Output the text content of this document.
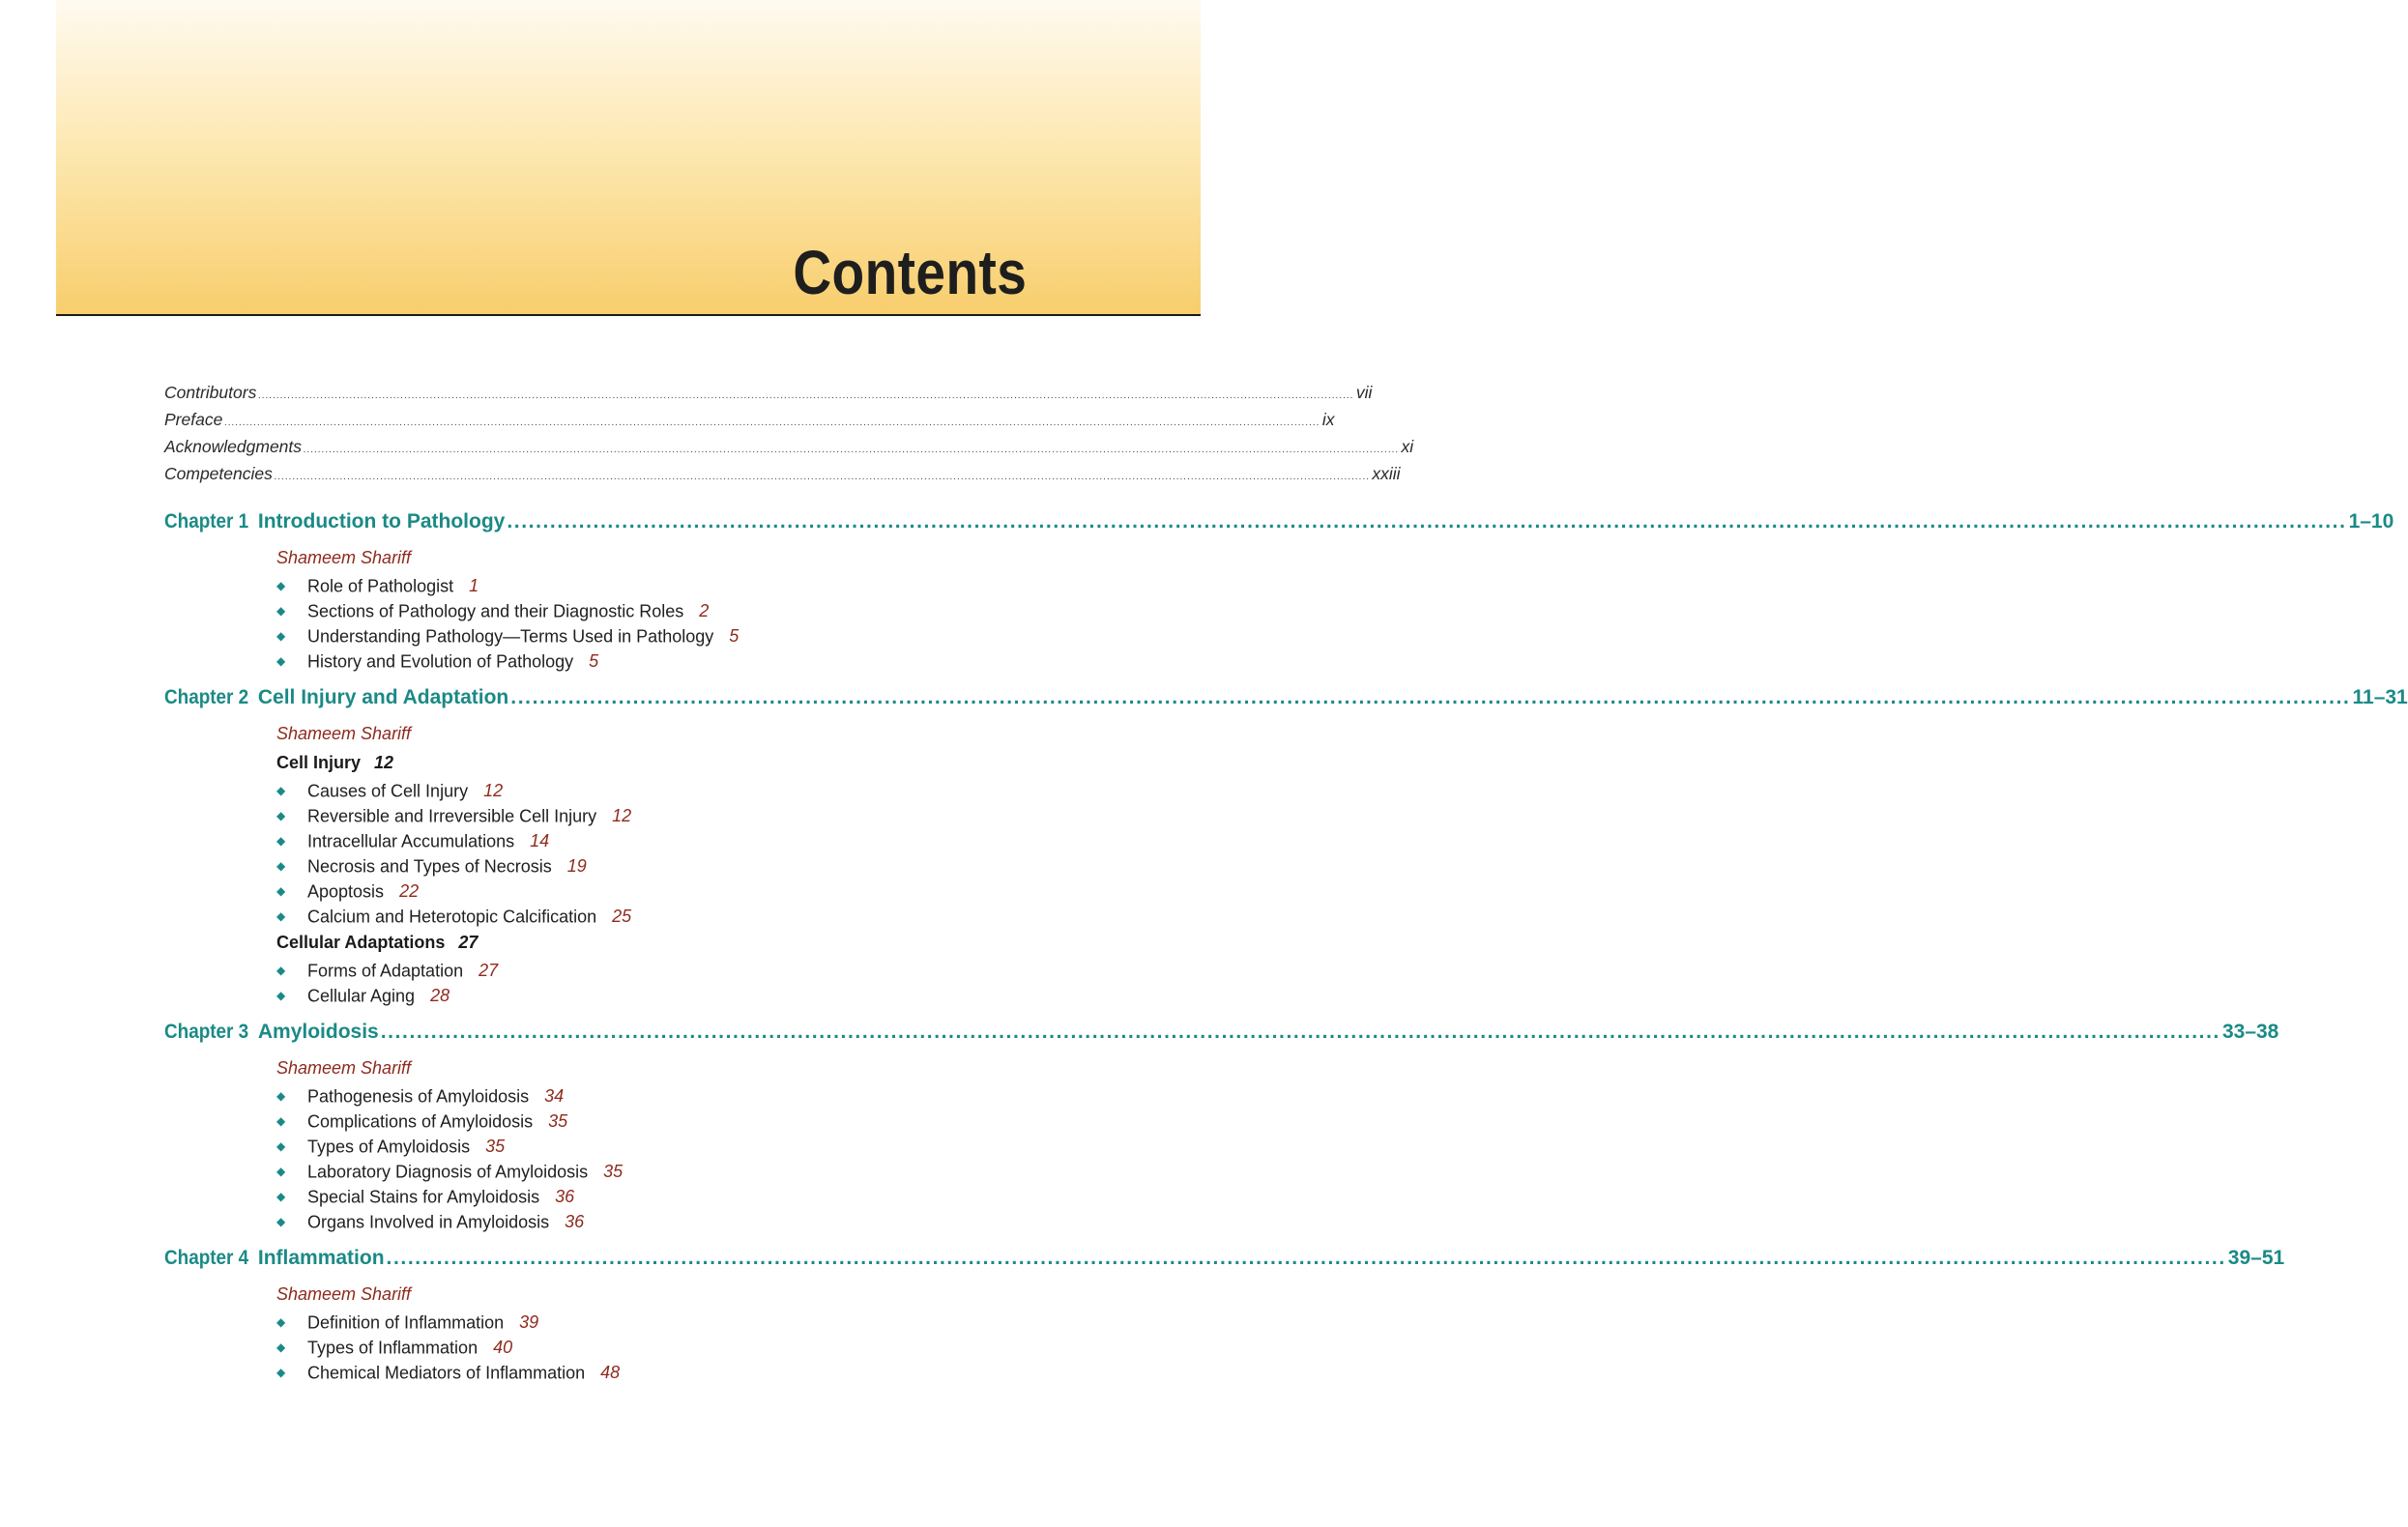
Contents
Contributors .....	vii
Preface .....	ix
Acknowledgments .....	xi
Competencies .....	xxiii
Chapter 1 Introduction to Pathology .....	1–10
Shameem Shariff
◆ Role of Pathologist 1
◆ Sections of Pathology and their Diagnostic Roles 2
◆ Understanding Pathology—Terms Used in Pathology 5
◆ History and Evolution of Pathology 5
Chapter 2 Cell Injury and Adaptation .....	11–31
Shameem Shariff
Cell Injury 12
◆ Causes of Cell Injury 12
◆ Reversible and Irreversible Cell Injury 12
◆ Intracellular Accumulations 14
◆ Necrosis and Types of Necrosis 19
◆ Apoptosis 22
◆ Calcium and Heterotopic Calcification 25
Cellular Adaptations 27
◆ Forms of Adaptation 27
◆ Cellular Aging 28
Chapter 3 Amyloidosis .....	33–38
Shameem Shariff
◆ Pathogenesis of Amyloidosis 34
◆ Complications of Amyloidosis 35
◆ Types of Amyloidosis 35
◆ Laboratory Diagnosis of Amyloidosis 35
◆ Special Stains for Amyloidosis 36
◆ Organs Involved in Amyloidosis 36
Chapter 4 Inflammation .....	39–51
Shameem Shariff
◆ Definition of Inflammation 39
◆ Types of Inflammation 40
◆ Chemical Mediators of Inflammation 48
